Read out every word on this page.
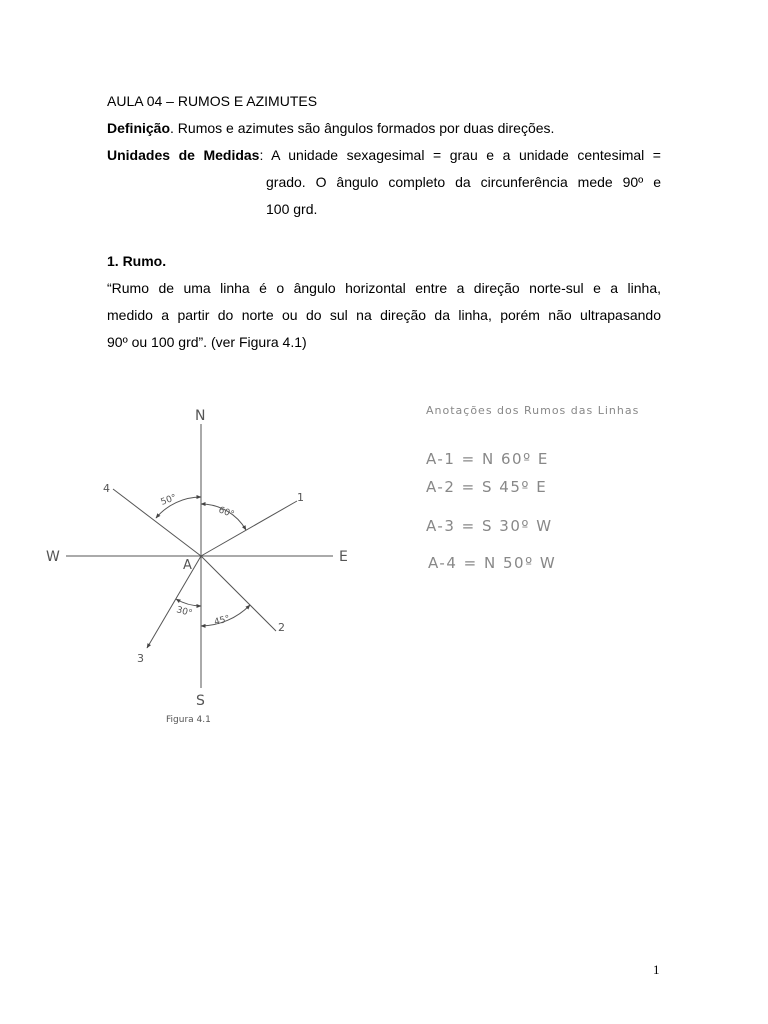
AULA 04 – RUMOS E AZIMUTES
Definição. Rumos e azimutes são ângulos formados por duas direções.
Unidades de Medidas: A unidade sexagesimal = grau e a unidade centesimal =
grado. O ângulo completo da circunferência mede 90º e
100 grd.
1. Rumo.
“Rumo de uma linha é o ângulo horizontal entre a direção norte-sul e a linha,
medido a partir do norte ou do sul na direção da linha, porém não ultrapasando
90º ou 100 grd”. (ver Figura 4.1)
N
S
E
W
A
1
2
3
4
60°
50°
45°
30°
Figura 4.1
Anotações dos Rumos das Linhas
A-1 = N 60º E
A-2 = S 45º E
A-3 = S 30º W
A-4 = N 50º W
1
